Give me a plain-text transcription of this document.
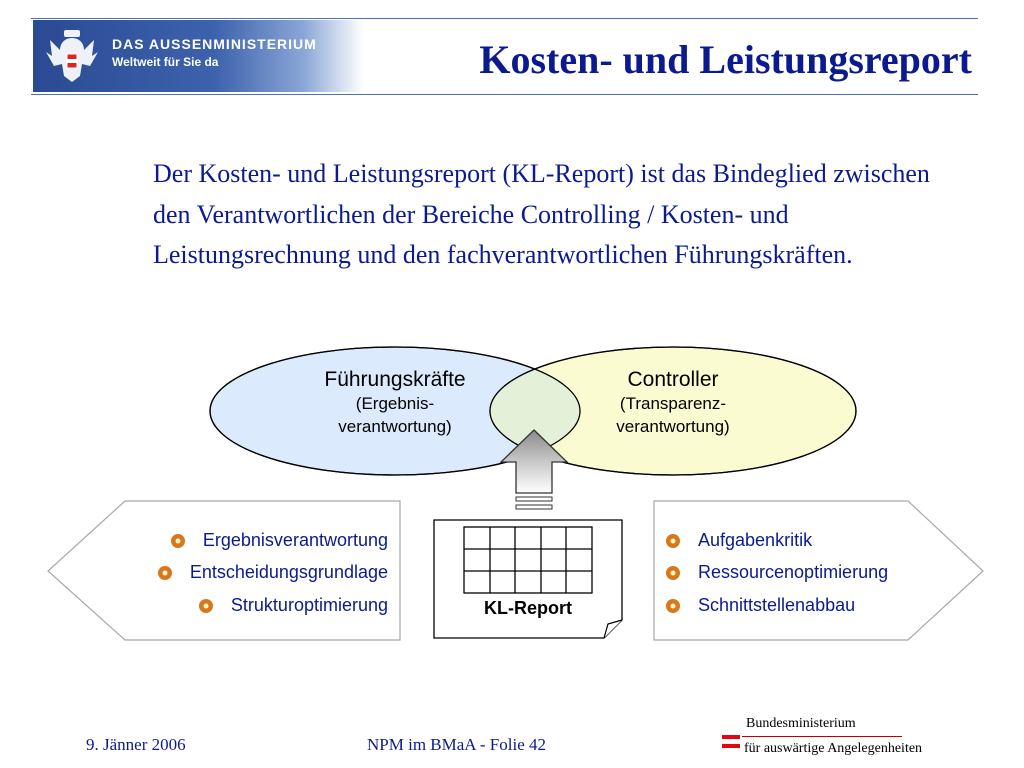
DAS AUSSENMINISTERIUM
Weltweit für Sie da	Kosten- und Leistungsreport
Der Kosten- und Leistungsreport (KL-Report) ist das Bindeglied zwischen den Verantwortlichen der Bereiche Controlling / Kosten- und Leistungsrechnung und den fachverantwortlichen Führungskräften.
Führungskräfte
(Ergebnis-
verantwortung)
Controller
(Transparenz-
verantwortung)
Ergebnisverantwortung
Entscheidungsgrundlage
Strukturoptimierung
Aufgabenkritik
Ressourcenoptimierung
Schnittstellenabbau
KL-Report
9. Jänner 2006	NPM im BMaA - Folie 42
Bundesministerium
für auswärtige Angelegenheiten
